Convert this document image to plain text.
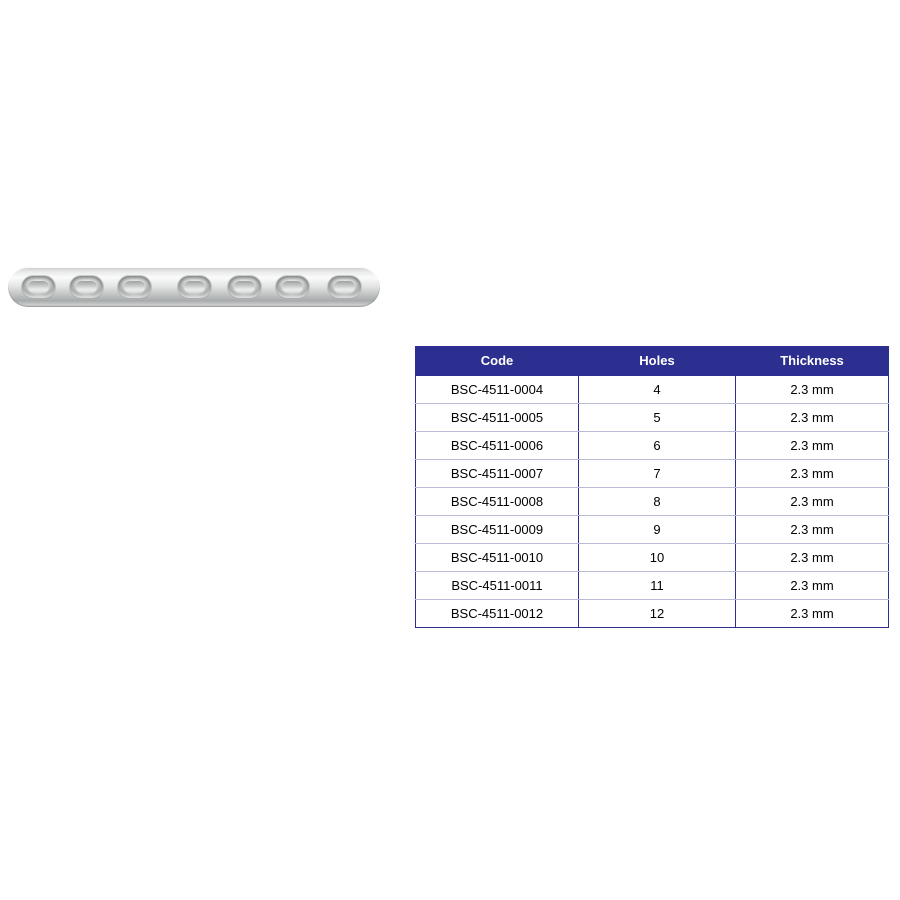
Code	Holes	Thickness
BSC-4511-0004	4	2.3 mm
BSC-4511-0005	5	2.3 mm
BSC-4511-0006	6	2.3 mm
BSC-4511-0007	7	2.3 mm
BSC-4511-0008	8	2.3 mm
BSC-4511-0009	9	2.3 mm
BSC-4511-0010	10	2.3 mm
BSC-4511-0011	11	2.3 mm
BSC-4511-0012	12	2.3 mm
